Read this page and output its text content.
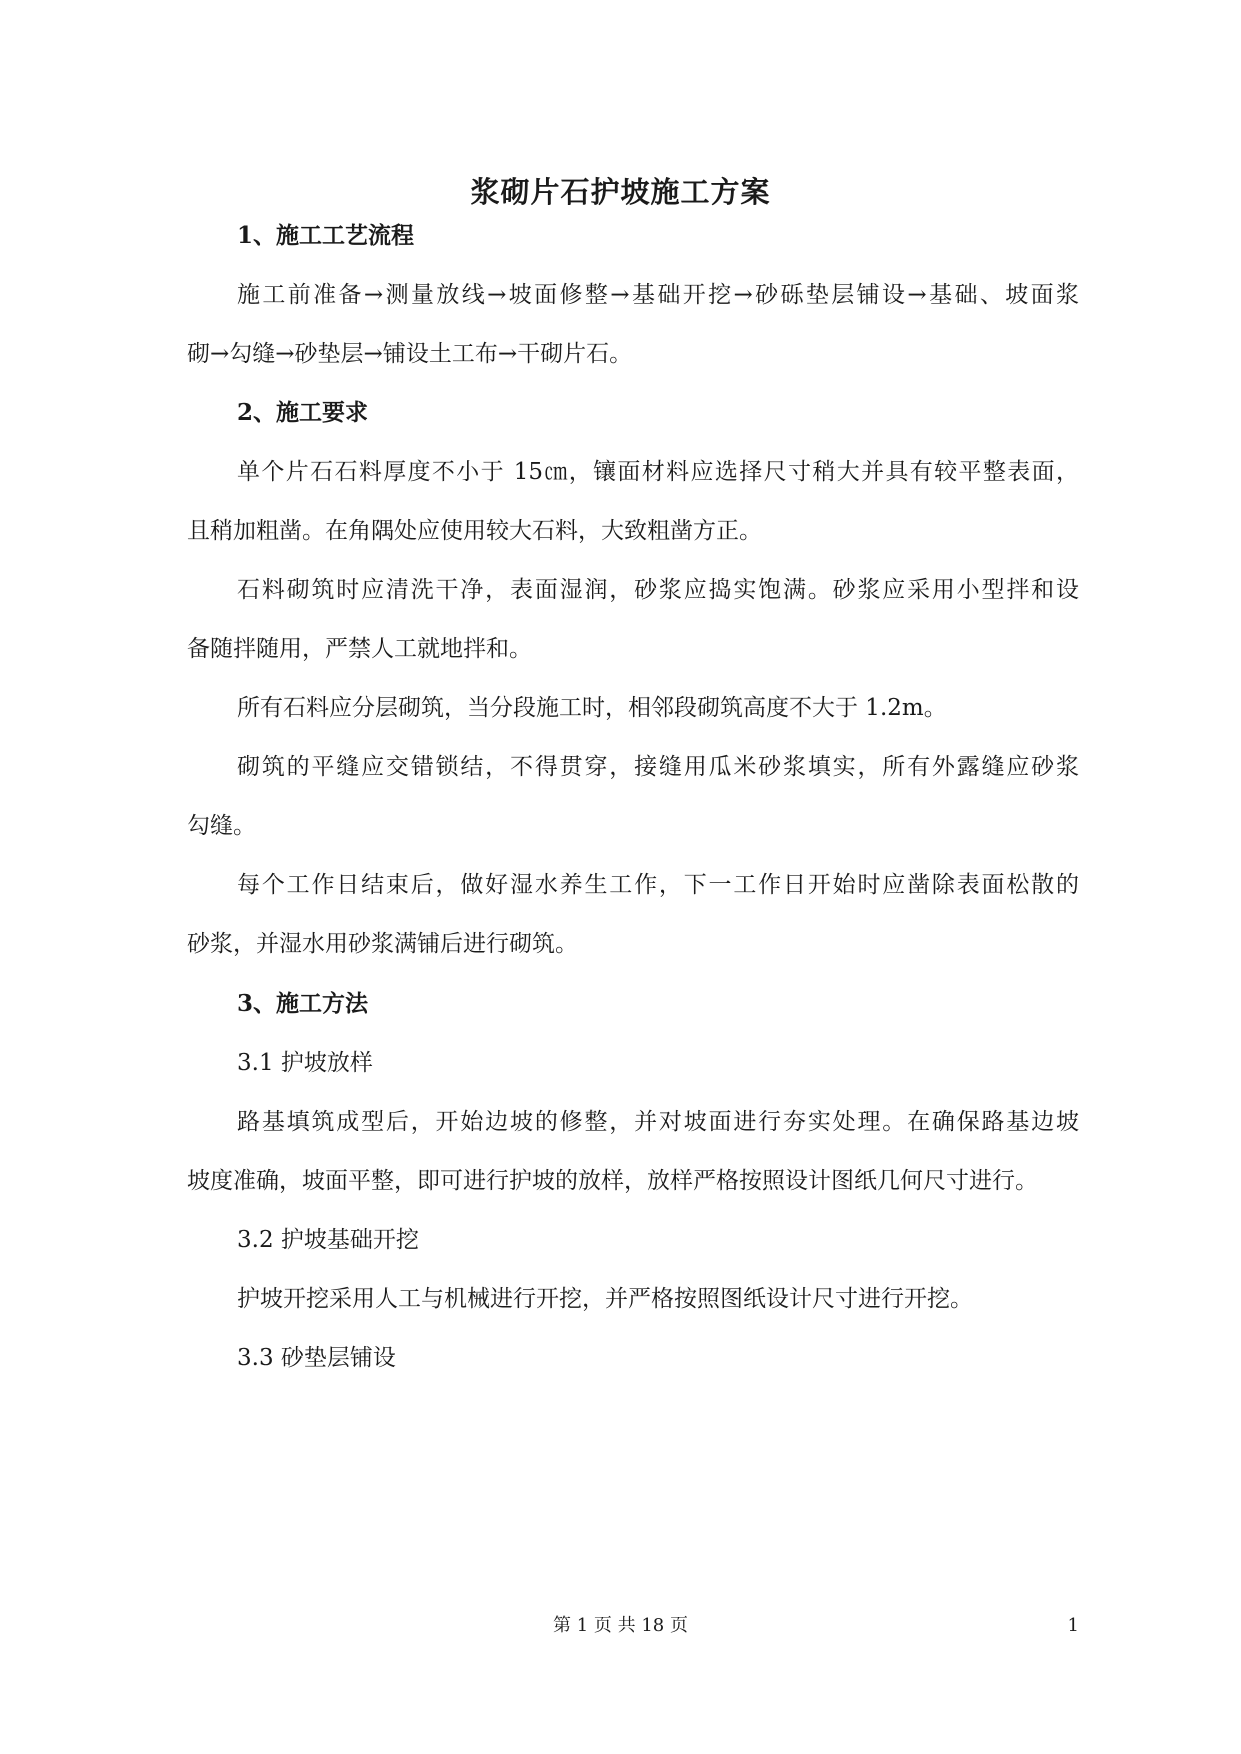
浆砌片石护坡施工方案
1、施工工艺流程
施工前准备→测量放线→坡面修整→基础开挖→砂砾垫层铺设→基础、坡面浆
砌→勾缝→砂垫层→铺设土工布→干砌片石。
2、施工要求
单个片石石料厚度不小于 15㎝，镶面材料应选择尺寸稍大并具有较平整表面，
且稍加粗凿。在角隅处应使用较大石料，大致粗凿方正。
石料砌筑时应清洗干净，表面湿润，砂浆应捣实饱满。砂浆应采用小型拌和设
备随拌随用，严禁人工就地拌和。
所有石料应分层砌筑，当分段施工时，相邻段砌筑高度不大于 1.2m。
砌筑的平缝应交错锁结，不得贯穿，接缝用瓜米砂浆填实，所有外露缝应砂浆
勾缝。
每个工作日结束后，做好湿水养生工作，下一工作日开始时应凿除表面松散的
砂浆，并湿水用砂浆满铺后进行砌筑。
3、施工方法
3.1 护坡放样
路基填筑成型后，开始边坡的修整，并对坡面进行夯实处理。在确保路基边坡
坡度准确，坡面平整，即可进行护坡的放样，放样严格按照设计图纸几何尺寸进行。
3.2 护坡基础开挖
护坡开挖采用人工与机械进行开挖，并严格按照图纸设计尺寸进行开挖。
3.3 砂垫层铺设
第 1 页 共 18 页	1
